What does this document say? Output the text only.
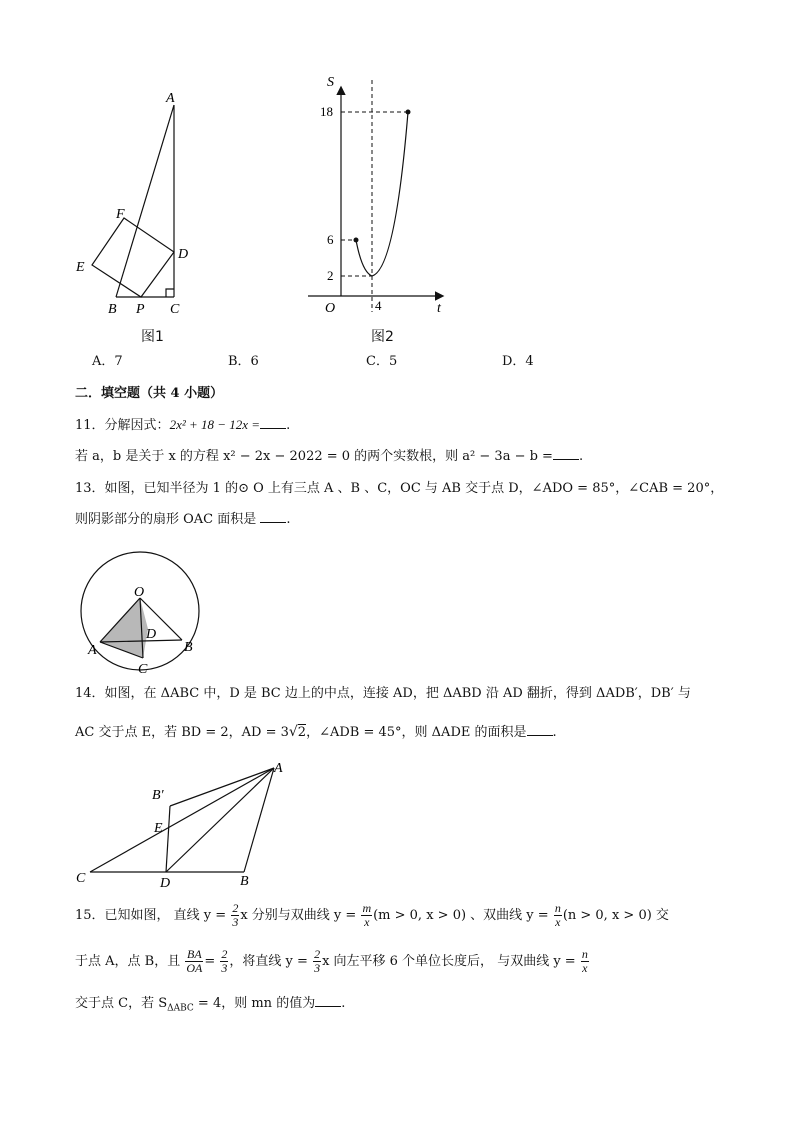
A
F
D
E
B P C
图1
S
t
O
18
6
2
4
图2
A．7	B．6	C．5	D．4
二．填空题（共 4 小题）
11．分解因式：2x² + 18 − 12x = .
若 a，b 是关于 x 的方程 x² − 2x − 2022 = 0 的两个实数根，则 a² − 3a − b = .
13．如图，已知半径为 1 的⊙ O 上有三点 A 、B 、C，OC 与 AB 交于点 D，∠ADO = 85°，∠CAB = 20°，
则阴影部分的扇形 OAC 面积是 .
O
D
A	B
C
14．如图，在 ΔABC 中，D 是 BC 边上的中点，连接 AD，把 ΔABD 沿 AD 翻折，得到 ΔADB′，DB′ 与
AC 交于点 E，若 BD = 2，AD = 3√2，∠ADB = 45°，则 ΔADE 的面积是 .
A
B′
E
C	D	B
15．已知如图， 直线 $y = \frac{2}{3}$ x 分别与双曲线 $y = \frac{m}{x} (m > 0$, x > 0) 、双曲线 $y = \frac{n}{x} (n > 0$, x > 0) 交
于点 A，点 B，且 $\frac{BA}{OA} = \frac{2}{3}$ ，将直线 $y = \frac{2}{3}$ x 向左平移 6 个单位长度后， 与双曲线 $y = \frac{n}{x}$
交于点 C，若 $S_{\Delta ABC} = 4$，则 mn 的值为 .
